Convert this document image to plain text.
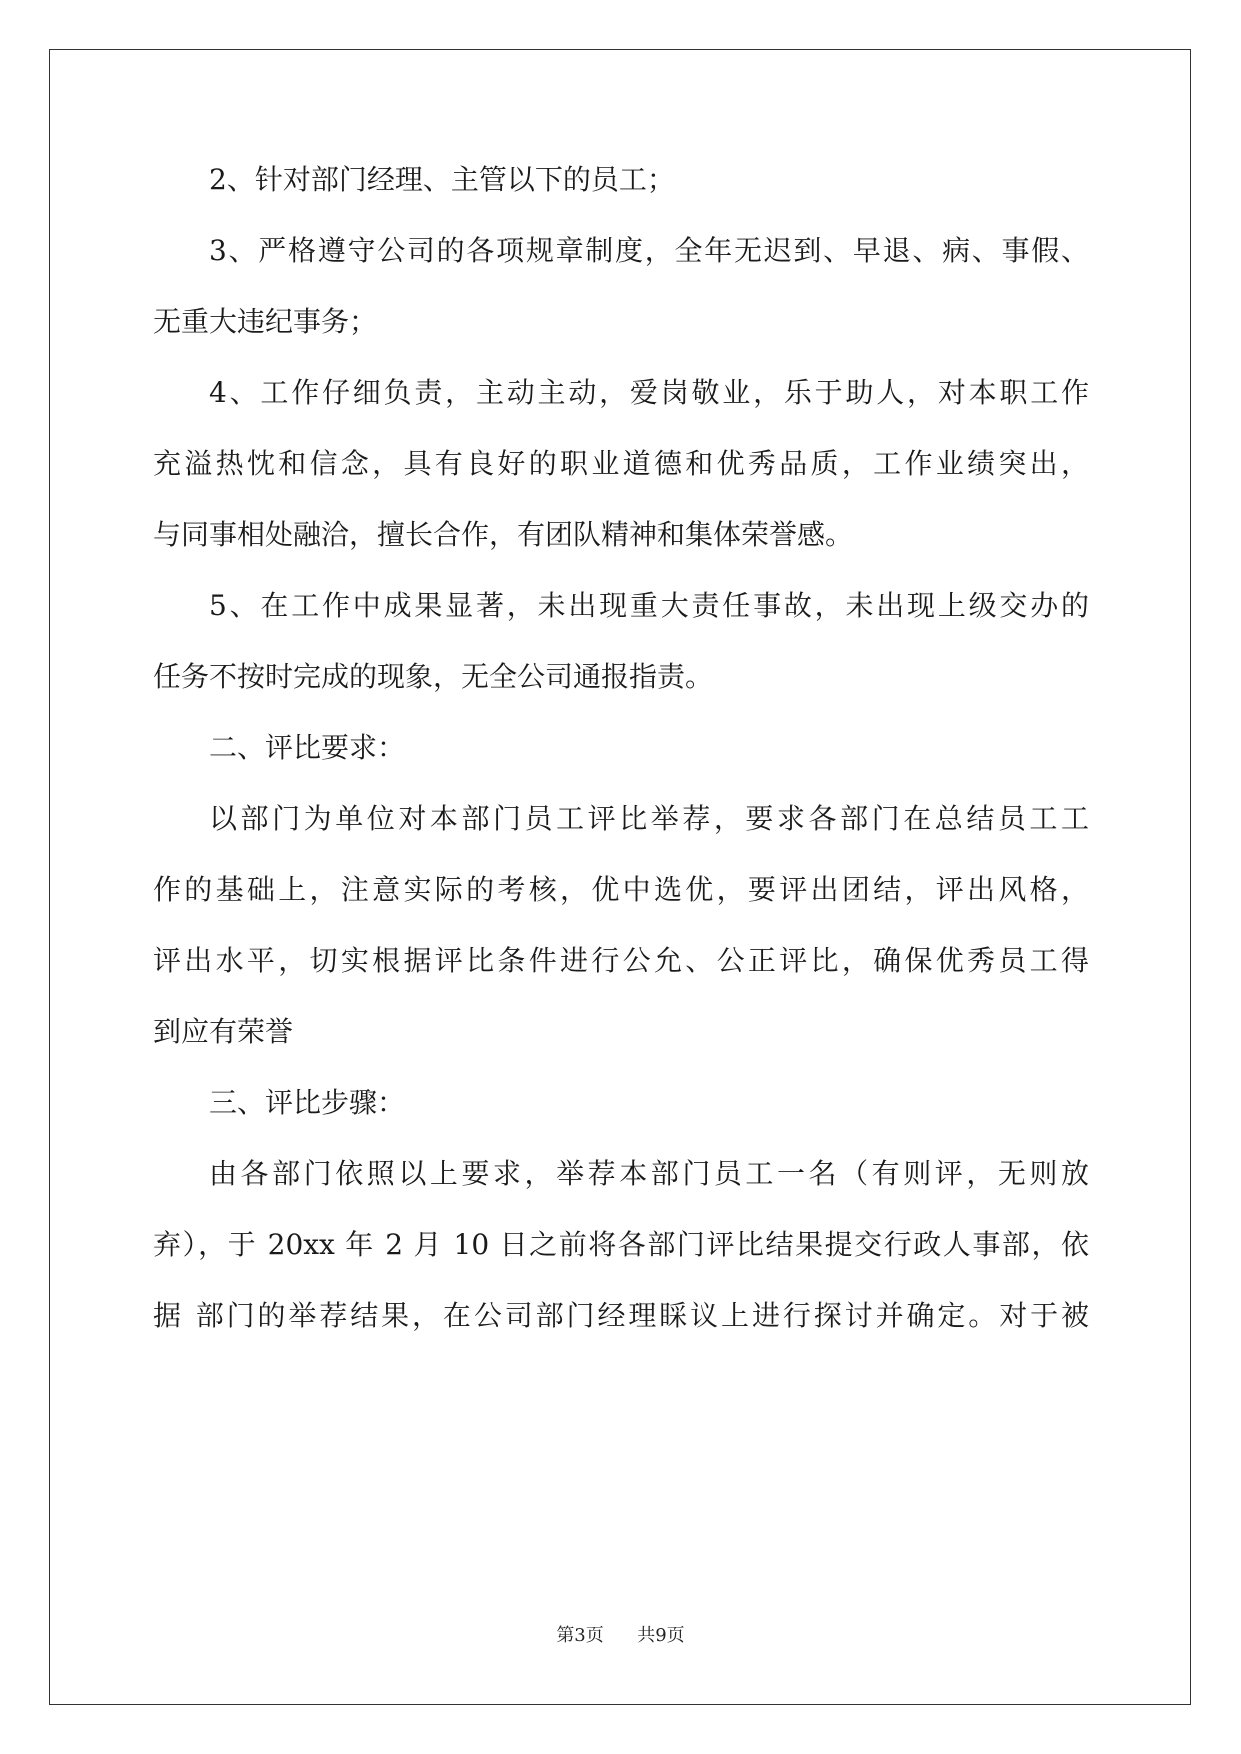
2、针对部门经理、主管以下的员工；
3、严格遵守公司的各项规章制度，全年无迟到、早退、病、事假、
无重大违纪事务；
4、工作仔细负责，主动主动，爱岗敬业，乐于助人，对本职工作
充溢热忱和信念，具有良好的职业道德和优秀品质，工作业绩突出，
与同事相处融洽，擅长合作，有团队精神和集体荣誉感。
5、在工作中成果显著，未出现重大责任事故，未出现上级交办的
任务不按时完成的现象，无全公司通报指责。
二、评比要求：
以部门为单位对本部门员工评比举荐，要求各部门在总结员工工
作的基础上，注意实际的考核，优中选优，要评出团结，评出风格，
评出水平，切实根据评比条件进行公允、公正评比，确保优秀员工得
到应有荣誉
三、评比步骤：
由各部门依照以上要求，举荐本部门员工一名（有则评，无则放
弃），于 20xx 年 2 月 10 日之前将各部门评比结果提交行政人事部，依
据 部门的举荐结果，在公司部门经理睬议上进行探讨并确定。对于被
第3页 共9页
